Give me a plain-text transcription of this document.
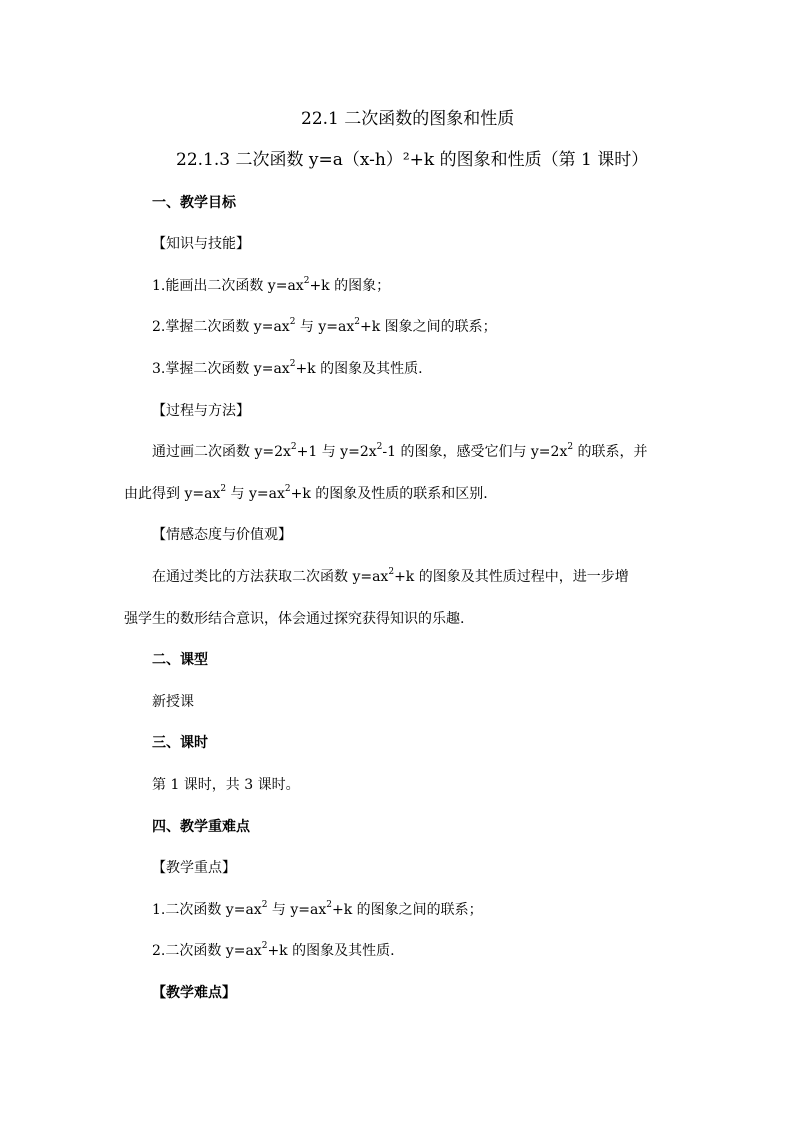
22.1 二次函数的图象和性质
22.1.3 二次函数 y=a（x-h）²+k 的图象和性质（第 1 课时）
一、教学目标
【知识与技能】
1.能画出二次函数 $y=ax^2+k$ 的图象；
2.掌握二次函数 $y=ax^2$ 与 $y=ax^2+k$ 图象之间的联系；
3.掌握二次函数 $y=ax^2+k$ 的图象及其性质.
【过程与方法】
通过画二次函数 $y=2x^2+1$ 与 $y=2x^2-1$ 的图象，感受它们与 $y=2x^2$ 的联系，并
由此得到 $y=ax^2$ 与 $y=ax^2+k$ 的图象及性质的联系和区别.
【情感态度与价值观】
在通过类比的方法获取二次函数 $y=ax^2+k$ 的图象及其性质过程中，进一步增
强学生的数形结合意识，体会通过探究获得知识的乐趣.
二、课型
新授课
三、课时
第 1 课时，共 3 课时。
四、教学重难点
【教学重点】
1.二次函数 $y=ax^2$ 与 $y=ax^2+k$ 的图象之间的联系；
2.二次函数 $y=ax^2+k$ 的图象及其性质.
【教学难点】
